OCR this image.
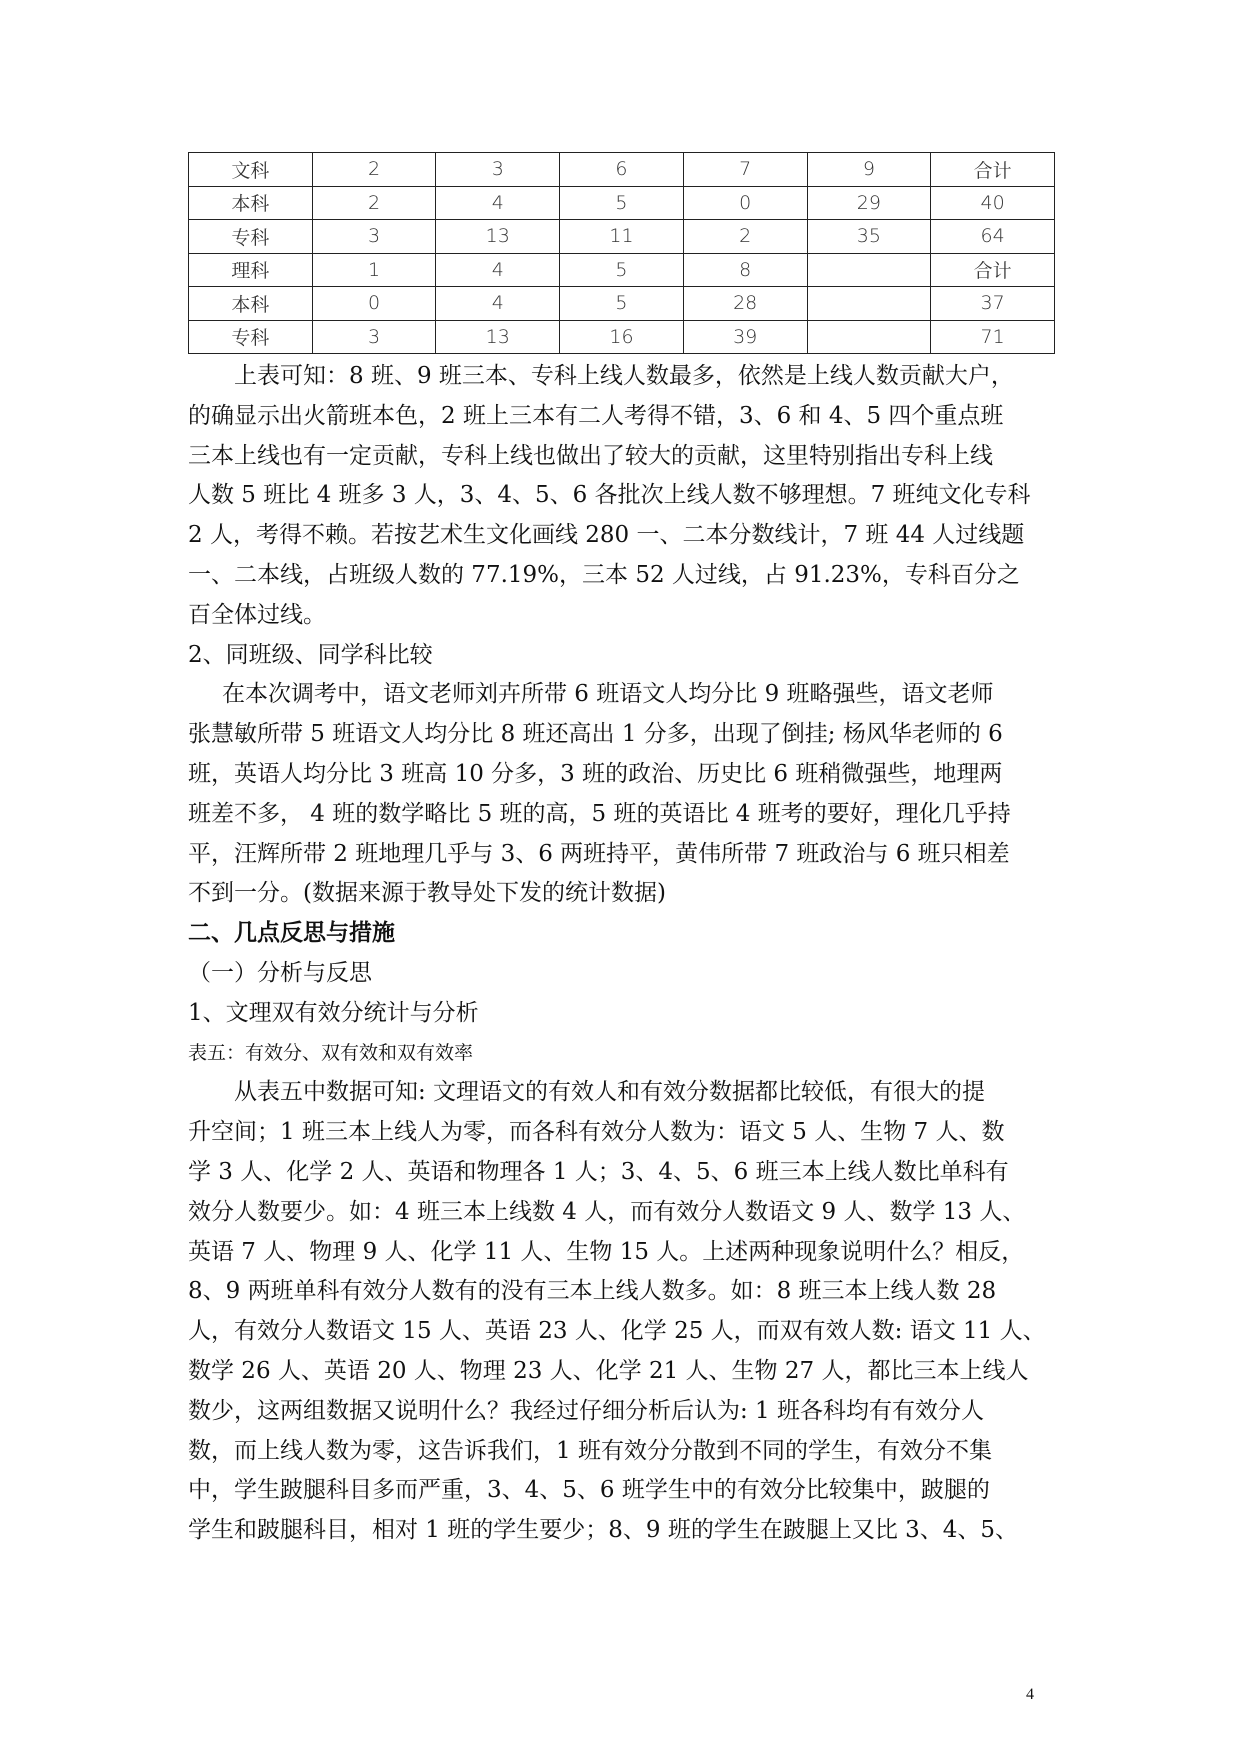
文科	2	3	6	7	9	合计
本科	2	4	5	0	29	40
专科	3	13	11	2	35	64
理科	1	4	5	8		合计
本科	0	4	5	28		37
专科	3	13	16	39		71

上表可知：8 班、9 班三本、专科上线人数最多，依然是上线人数贡献大户，

的确显示出火箭班本色，2 班上三本有二人考得不错，3、6 和 4、5 四个重点班

三本上线也有一定贡献，专科上线也做出了较大的贡献，这里特别指出专科上线

人数 5 班比 4 班多 3 人，3、4、5、6 各批次上线人数不够理想。7 班纯文化专科

2 人，考得不赖。若按艺术生文化画线 280 一、二本分数线计，7 班 44 人过线题

一、二本线，占班级人数的 77.19%，三本 52 人过线，占 91.23%，专科百分之

百全体过线。

2、同班级、同学科比较

在本次调考中，语文老师刘卉所带 6 班语文人均分比 9 班略强些，语文老师

张慧敏所带 5 班语文人均分比 8 班还高出 1 分多，出现了倒挂; 杨风华老师的 6

班，英语人均分比 3 班高 10 分多，3 班的政治、历史比 6 班稍微强些，地理两

班差不多， 4 班的数学略比 5 班的高，5 班的英语比 4 班考的要好，理化几乎持

平，汪辉所带 2 班地理几乎与 3、6 两班持平，黄伟所带 7 班政治与 6 班只相差

不到一分。(数据来源于教导处下发的统计数据)

二、几点反思与措施

（一）分析与反思

1、文理双有效分统计与分析

表五：有效分、双有效和双有效率

从表五中数据可知: 文理语文的有效人和有效分数据都比较低，有很大的提

升空间；1 班三本上线人为零，而各科有效分人数为：语文 5 人、生物 7 人、数

学 3 人、化学 2 人、英语和物理各 1 人；3、4、5、6 班三本上线人数比单科有

效分人数要少。如：4 班三本上线数 4 人，而有效分人数语文 9 人、数学 13 人、

英语 7 人、物理 9 人、化学 11 人、生物 15 人。上述两种现象说明什么？相反，

8、9 两班单科有效分人数有的没有三本上线人数多。如：8 班三本上线人数 28

人，有效分人数语文 15 人、英语 23 人、化学 25 人，而双有效人数: 语文 11 人、

数学 26 人、英语 20 人、物理 23 人、化学 21 人、生物 27 人，都比三本上线人

数少，这两组数据又说明什么？我经过仔细分析后认为: 1 班各科均有有效分人

数，而上线人数为零，这告诉我们，1 班有效分分散到不同的学生，有效分不集

中，学生跛腿科目多而严重，3、4、5、6 班学生中的有效分比较集中，跛腿的

学生和跛腿科目，相对 1 班的学生要少；8、9 班的学生在跛腿上又比 3、4、5、

4
